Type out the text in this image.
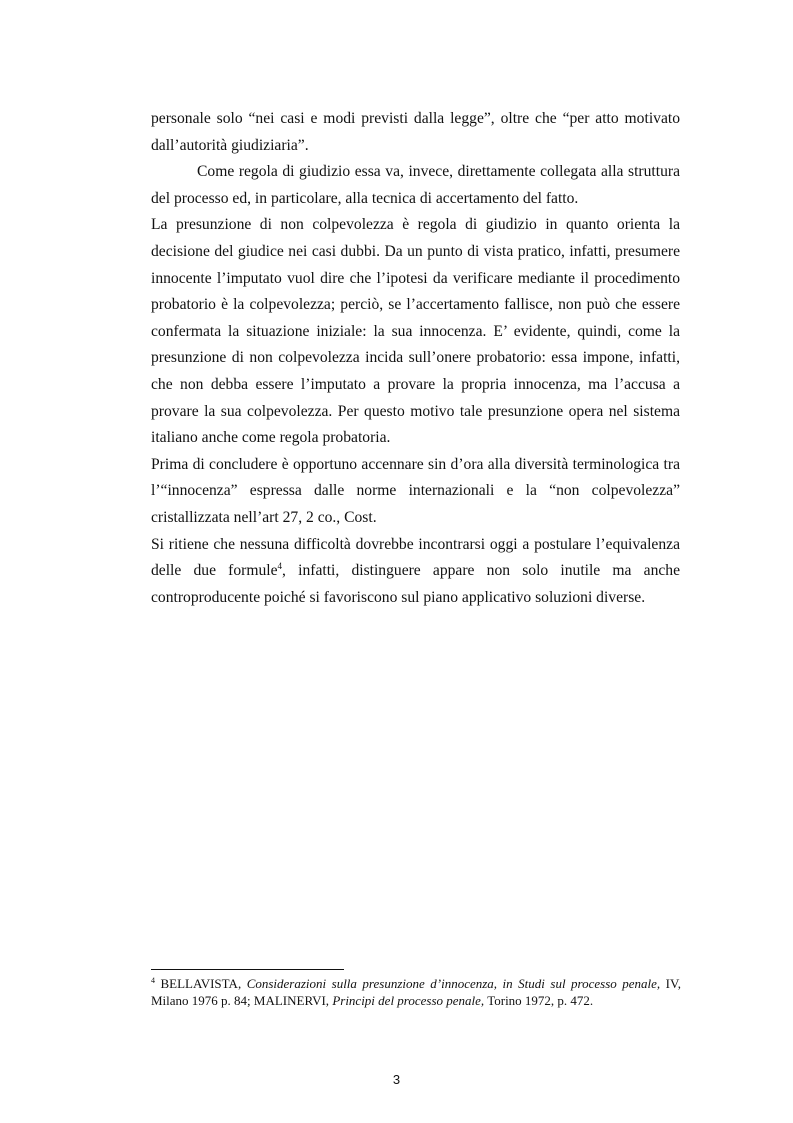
personale solo “nei casi e modi previsti dalla legge”, oltre che “per atto motivato dall’autorità giudiziaria”.

Come regola di giudizio essa va, invece, direttamente collegata alla struttura del processo ed, in particolare, alla tecnica di accertamento del fatto.

La presunzione di non colpevolezza è regola di giudizio in quanto orienta la decisione del giudice nei casi dubbi. Da un punto di vista pratico, infatti, presumere innocente l’imputato vuol dire che l’ipotesi da verificare mediante il procedimento probatorio è la colpevolezza; perciò, se l’accertamento fallisce, non può che essere confermata la situazione iniziale: la sua innocenza. E’ evidente, quindi, come la presunzione di non colpevolezza incida sull’onere probatorio: essa impone, infatti, che non debba essere l’imputato a provare la propria innocenza, ma l’accusa a provare la sua colpevolezza. Per questo motivo tale presunzione opera nel sistema italiano anche come regola probatoria.

Prima di concludere è opportuno accennare sin d’ora alla diversità terminologica tra l’“innocenza” espressa dalle norme internazionali e la “non colpevolezza” cristallizzata nell’art 27, 2 co., Cost.

Si ritiene che nessuna difficoltà dovrebbe incontrarsi oggi a postulare l’equivalenza delle due formule$^4$, infatti, distinguere appare non solo inutile ma anche controproducente poiché si favoriscono sul piano applicativo soluzioni diverse.

$^4$ BELLAVISTA, Considerazioni sulla presunzione d’innocenza, in Studi sul processo penale, IV, Milano 1976 p. 84; MALINERVI, Principi del processo penale, Torino 1972, p. 472.

3
